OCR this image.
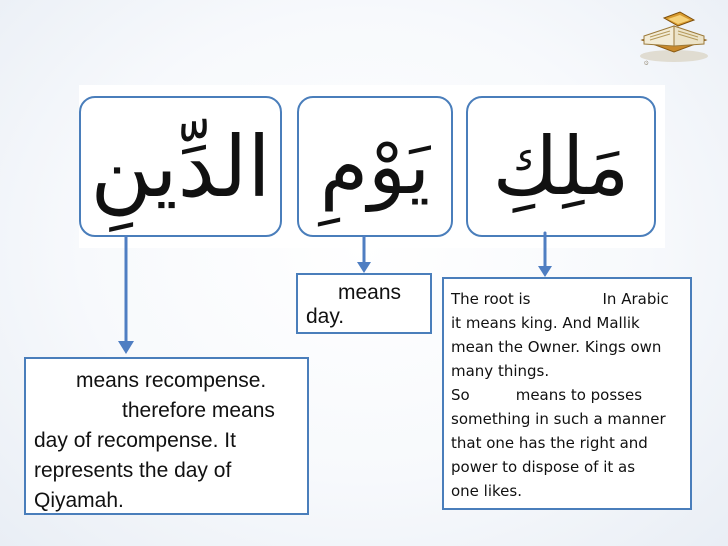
۞
الدِّينِ يَوْمِ مَلِكِ
means
day.
means recompense.
therefore means
day of recompense. It
represents the day of
Qiyamah.
The root is	In Arabic
it means king. And Mallik
mean the Owner. Kings own
many things.
So	means to posses
something in such a manner
that one has the right and
power to dispose of it as
one likes.
